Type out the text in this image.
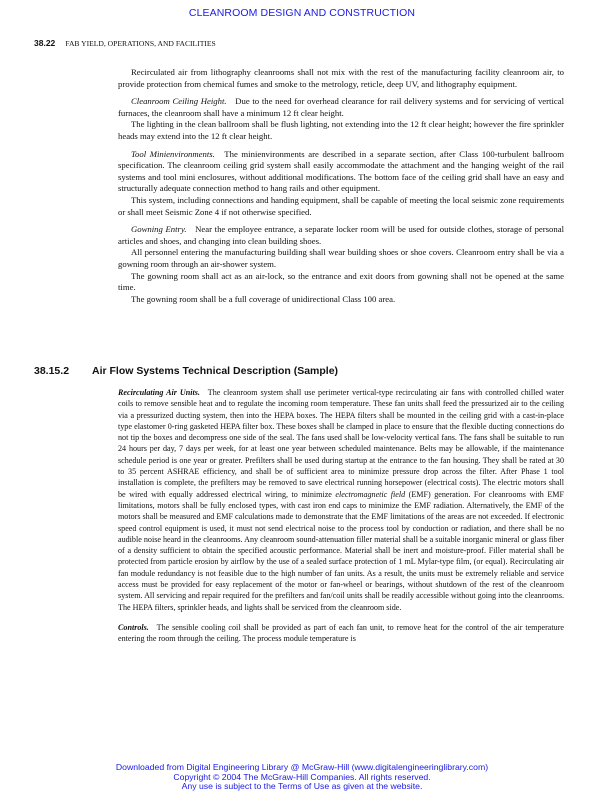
CLEANROOM DESIGN AND CONSTRUCTION
38.22 FAB YIELD, OPERATIONS, AND FACILITIES

Recirculated air from lithography cleanrooms shall not mix with the rest of the manufacturing facility cleanroom air, to provide protection from chemical fumes and smoke to the metrology, reticle, deep UV, and lithography equipment.

Cleanroom Ceiling Height. Due to the need for overhead clearance for rail delivery systems and for servicing of vertical furnaces, the cleanroom shall have a minimum 12 ft clear height.

The lighting in the clean ballroom shall be flush lighting, not extending into the 12 ft clear height; however the fire sprinkler heads may extend into the 12 ft clear height.

Tool Minienvironments. The minienvironments are described in a separate section, after Class 100-turbulent ballroom specification. The cleanroom ceiling grid system shall easily accommodate the attachment and the hanging weight of the rail systems and tool mini enclosures, without additional modifications. The bottom face of the ceiling grid shall have an easy and structurally adequate connection method to hang rails and other equipment.

This system, including connections and handing equipment, shall be capable of meeting the local seismic zone requirements or shall meet Seismic Zone 4 if not otherwise specified.

Gowning Entry. Near the employee entrance, a separate locker room will be used for outside clothes, storage of personal articles and shoes, and changing into clean building shoes.

All personnel entering the manufacturing building shall wear building shoes or shoe covers. Cleanroom entry shall be via a gowning room through an air-shower system.

The gowning room shall act as an air-lock, so the entrance and exit doors from gowning shall not be opened at the same time.

The gowning room shall be a full coverage of unidirectional Class 100 area.

38.15.2 Air Flow Systems Technical Description (Sample)

Recirculating Air Units. The cleanroom system shall use perimeter vertical-type recirculating air fans with controlled chilled water coils to remove sensible heat and to regulate the incoming room temperature. These fan units shall feed the pressurized air to the ceiling via a pressurized ducting system, then into the HEPA boxes. The HEPA filters shall be mounted in the ceiling grid with a cast-in-place type elastomer 0-ring gasketed HEPA filter box. These boxes shall be clamped in place to ensure that the flexible ducting connections do not tip the boxes and decompress one side of the seal. The fans used shall be low-velocity vertical fans. The fans shall be suitable to run 24 hours per day, 7 days per week, for at least one year between scheduled maintenance. Belts may be allowable, if the maintenance schedule period is one year or greater. Prefilters shall be used during startup at the entrance to the fan housing. They shall be rated at 30 to 35 percent ASHRAE efficiency, and shall be of sufficient area to minimize pressure drop across the filter. After Phase 1 tool installation is complete, the prefilters may be removed to save electrical running horsepower (electrical costs). The electric motors shall be wired with equally addressed electrical wiring, to minimize electromagnetic field (EMF) generation. For cleanrooms with EMF limitations, motors shall be fully enclosed types, with cast iron end caps to minimize the EMF radiation. Alternatively, the EMF of the motors shall be measured and EMF calculations made to demonstrate that the EMF limitations of the areas are not exceeded. If electronic speed control equipment is used, it must not send electrical noise to the process tool by conduction or radiation, and there shall be no audible noise heard in the cleanrooms. Any cleanroom sound-attenuation filler material shall be a suitable inorganic mineral or glass fiber of a density sufficient to obtain the specified acoustic performance. Material shall be inert and moisture-proof. Filler material shall be protected from particle erosion by airflow by the use of a sealed surface protection of 1 mL Mylar-type film, (or equal). Recirculating air fan module redundancy is not feasible due to the high number of fan units. As a result, the units must be extremely reliable and service access must be provided for easy replacement of the motor or fan-wheel or bearings, without shutdown of the rest of the cleanroom system. All servicing and repair required for the prefilters and fan/coil units shall be readily accessible without going into the cleanrooms. The HEPA filters, sprinkler heads, and lights shall be serviced from the cleanroom side.

Controls. The sensible cooling coil shall be provided as part of each fan unit, to remove heat for the control of the air temperature entering the room through the ceiling. The process module temperature is

Downloaded from Digital Engineering Library @ McGraw-Hill (www.digitalengineeringlibrary.com)
Copyright © 2004 The McGraw-Hill Companies. All rights reserved.
Any use is subject to the Terms of Use as given at the website.
